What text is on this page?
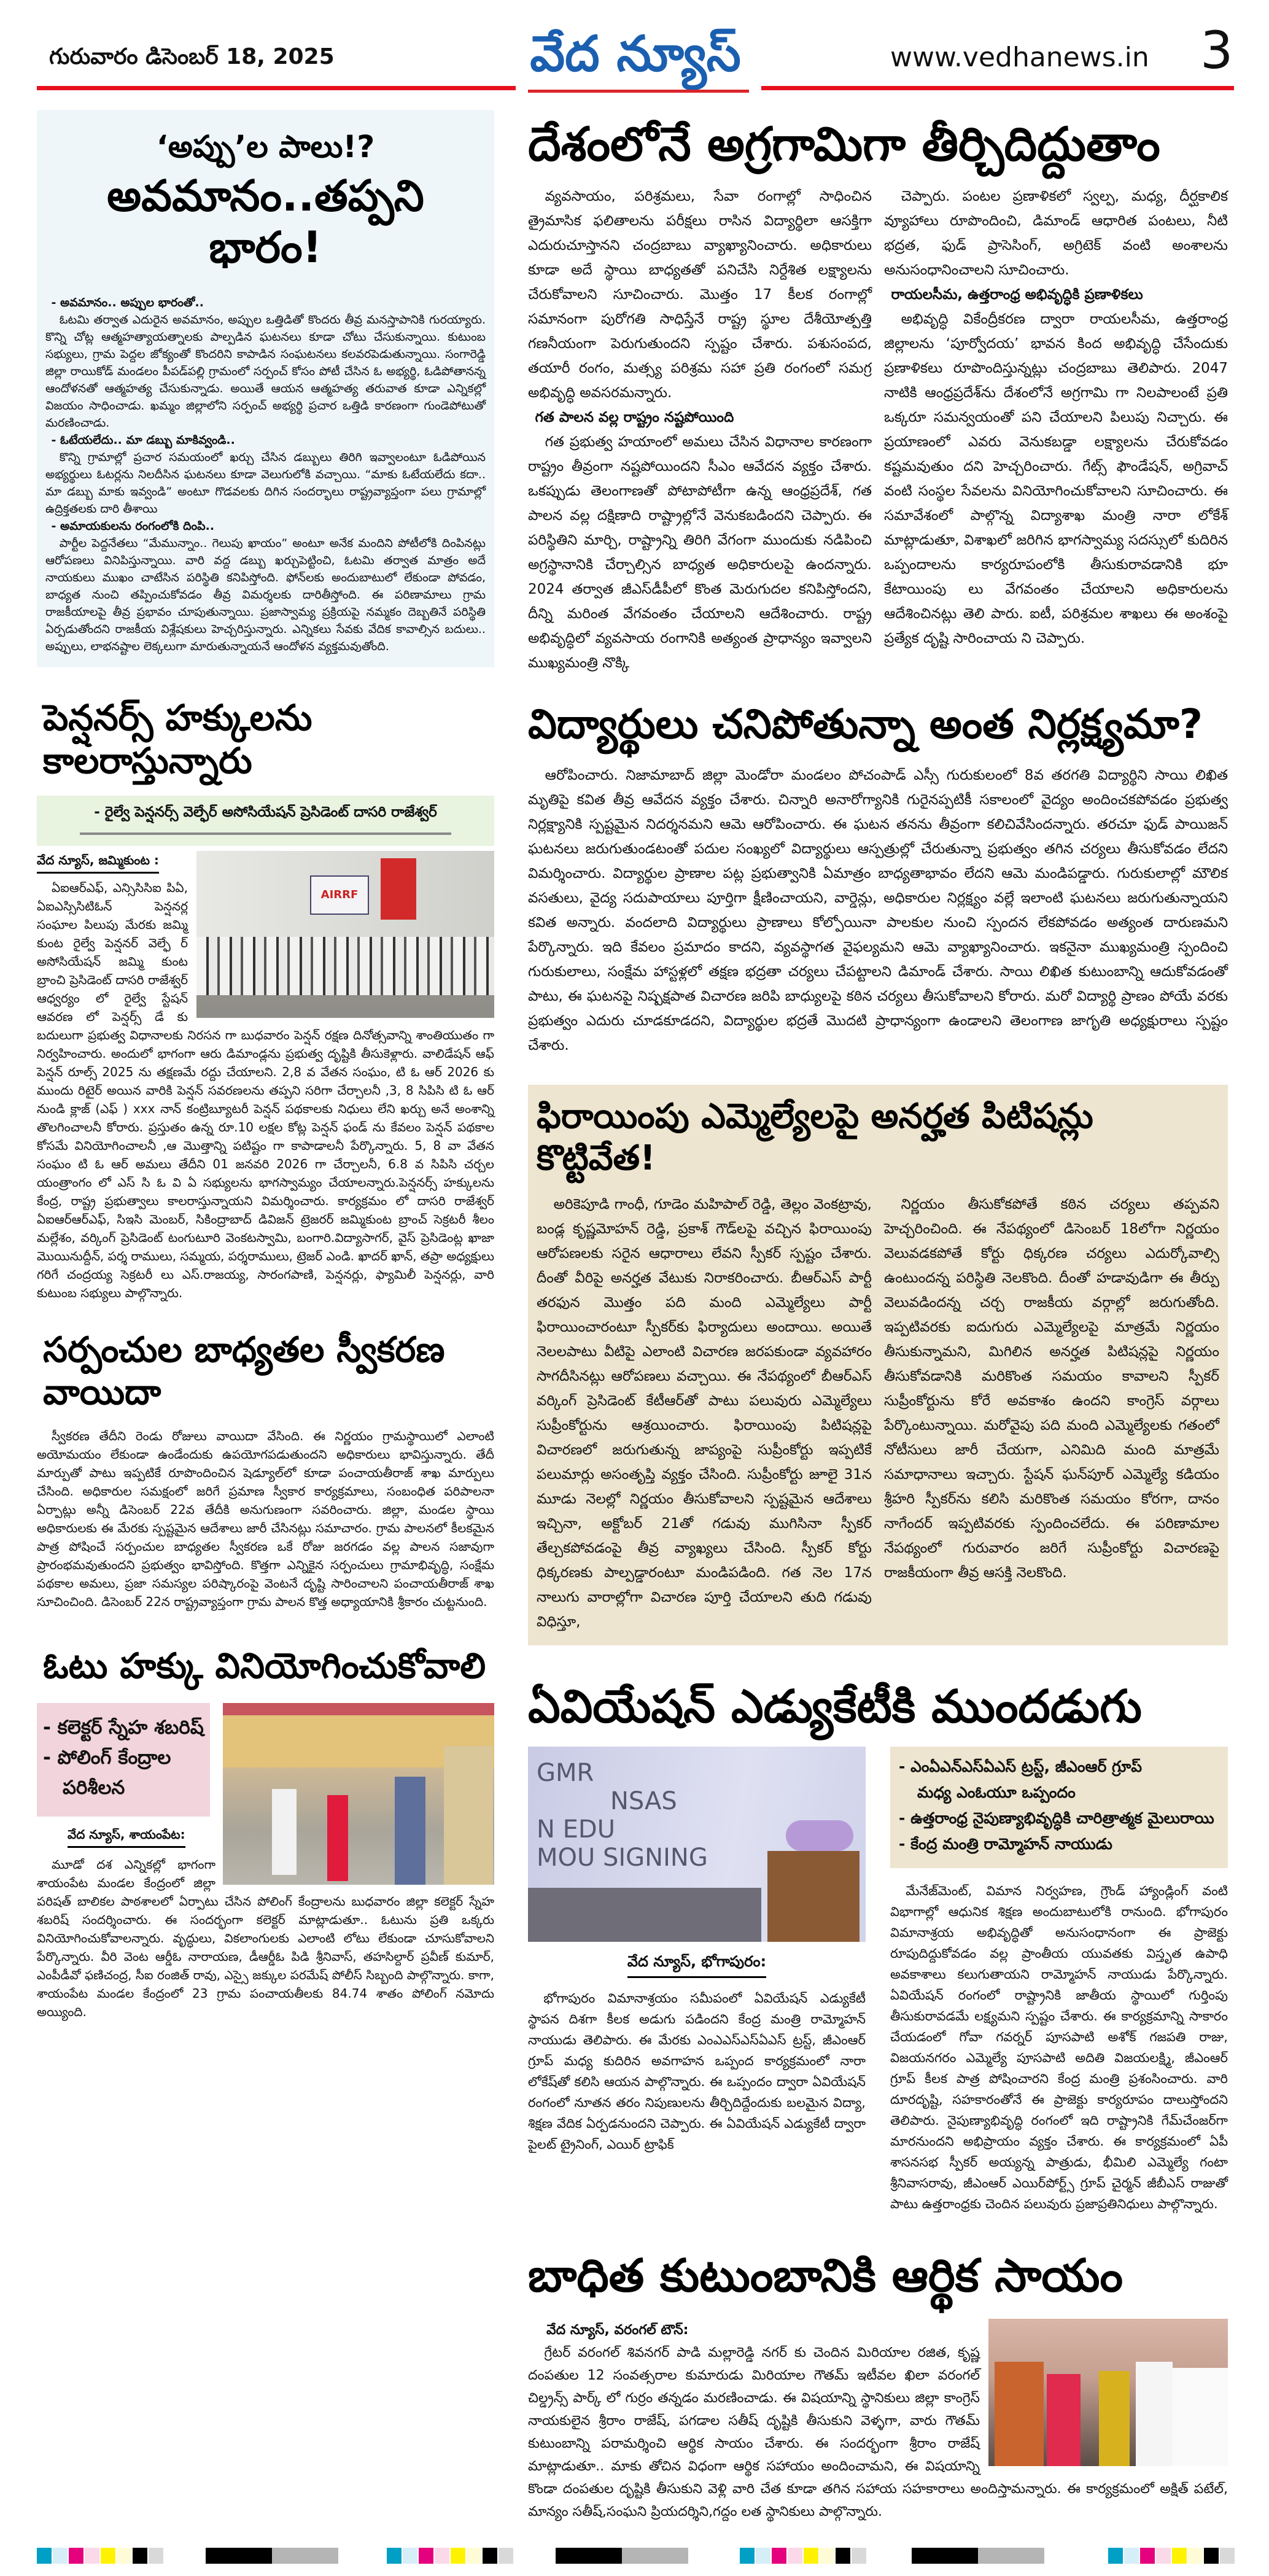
గురువారం డిసెంబర్ 18, 2025	వేద న్యూస్	www.vedhanews.in 3
‘అప్పు’ల పాలు!?
అవమానం..తప్పని భారం!
- అవమానం.. అప్పుల భారంతో..

ఓటమి తర్వాత ఎదురైన అవమానం, అప్పుల ఒత్తిడితో కొందరు తీవ్ర మనస్తాపానికి గురయ్యారు. కొన్ని చోట్ల ఆత్మహత్యాయత్నాలకు పాల్పడిన ఘటనలు కూడా చోటు చేసుకున్నాయి. కుటుంబ సభ్యులు, గ్రామ పెద్దల జోక్యంతో కొందరిని కాపాడిన సంఘటనలు కలవరపెడుతున్నాయి. సంగారెడ్డి జిల్లా రాయికోడ్ మండలం పీపడ్‌పల్లి గ్రామంలో సర్పంచ్ కోసం పోటీ చేసిన ఓ అభ్యర్థి, ఓడిపోతానన్న ఆందోళనతో ఆత్మహత్య చేసుకున్నాడు. అయితే ఆయన ఆత్మహత్య తరువాత కూడా ఎన్నికల్లో విజయం సాధించాడు. ఖమ్మం జిల్లాలోని సర్పంచ్ అభ్యర్థి ప్రచార ఒత్తిడి కారణంగా గుండెపోటుతో మరణించాడు.

- ఓటేయలేదు.. మా డబ్బు మాకివ్వండి..

కొన్ని గ్రామాల్లో ప్రచార సమయంలో ఖర్చు చేసిన డబ్బులు తిరిగి ఇవ్వాలంటూ ఓడిపోయిన అభ్యర్థులు ఓటర్లను నిలదీసిన ఘటనలు కూడా వెలుగులోకి వచ్చాయి. “మాకు ఓటేయలేదు కదా.. మా డబ్బు మాకు ఇవ్వండి” అంటూ గొడవలకు దిగిన సందర్భాలు రాష్ట్రవ్యాప్తంగా పలు గ్రామాల్లో ఉద్రిక్తతలకు దారి తీశాయి

- అమాయకులను రంగంలోకి దింపి..

పార్టీల పెద్దనేతలు “మేమున్నాం.. గెలుపు ఖాయం” అంటూ అనేక మందిని పోటీలోకి దింపినట్లు ఆరోపణలు వినిపిస్తున్నాయి. వారి వద్ద డబ్బు ఖర్చుపెట్టించి, ఓటమి తర్వాత మాత్రం అదే నాయకులు ముఖం చాటేసిన పరిస్థితి కనిపిస్తోంది. ఫోన్‌లకు అందుబాటులో లేకుండా పోవడం, బాధ్యత నుంచి తప్పించుకోవడం తీవ్ర విమర్శలకు దారితీస్తోంది. ఈ పరిణామాలు గ్రామ రాజకీయాలపై తీవ్ర ప్రభావం చూపుతున్నాయి. ప్రజాస్వామ్య ప్రక్రియపై నమ్మకం దెబ్బతినే పరిస్థితి ఏర్పడుతోందని రాజకీయ విశ్లేషకులు హెచ్చరిస్తున్నారు. ఎన్నికలు సేవకు వేదిక కావాల్సిన బదులు.. అప్పులు, లాభనష్టాల లెక్కలుగా మారుతున్నాయనే ఆందోళన వ్యక్తమవుతోంది.

పెన్షనర్స్ హక్కులను కాలరాస్తున్నారు
- రైల్వే పెన్షనర్స్ వెల్ఫేర్ అసోసియేషన్ ప్రెసిడెంట్ దాసరి రాజేశ్వర్
AIRRF
వేద న్యూస్, జమ్మికుంట :

ఏఐఆర్ఎఫ్, ఎన్సిసిసిఐ పిఏ, ఏఐఎస్సిసిటిఓన్ పెన్షనర్ల సంఘాల పిలుపు మేరకు జమ్మి కుంట రైల్వే పెన్షనర్ వెల్ఫే ర్ అసోసియేషన్ జమ్మి కుంట బ్రాంచి ప్రెసిడెంట్ దాసరి రాజేశ్వర్ ఆధ్వర్యం లో రైల్వే స్టేషన్ ఆవరణ లో పెన్షర్స్ డే కు బదులుగా ప్రభుత్వ విధానాలకు నిరసన గా బుధవారం పెన్షన్ రక్షణ దినోత్సవాన్ని శాంతియుతం గా నిర్వహించారు. అందులో భాగంగా ఆరు డిమాండ్లను ప్రభుత్వ దృష్టికి తీసుకెళ్లారు. వాలిడేషన్ ఆఫ్ పెన్షన్ రూల్స్ 2025 ను తక్షణమే రద్దు చేయాలని. 2,8 వ వేతన సంఘం, టి ఓ ఆర్ 2026 కు ముందు రిటైర్ అయిన వారికి పెన్షన్ సవరణలను తప్పని సరిగా చేర్చాలనీ ,3, 8 సిపిసి టి ఓ ఆర్ నుండి క్లాజ్ (ఎఫ్ ) xxx నాన్ కంట్రిబ్యూటరీ పెన్షన్ పథకాలకు నిధులు లేని ఖర్చు అనే అంశాన్ని తొలగించాలనీ కోరారు. ప్రస్తుతం ఉన్న రూ.10 లక్షల కోట్ల పెన్షన్ ఫండ్ ను కేవలం పెన్షన్ పథకాల కోసమే వినియోగించాలనీ ,ఆ మొత్తాన్ని పటిష్టం గా కాపాడాలనీ పేర్కొన్నారు. 5, 8 వా వేతన సంఘం టి ఓ ఆర్ అమలు తేదీని 01 జనవరి 2026 గా చేర్చాలనీ, 6.8 వ సిపిసి చర్చల యంత్రాంగం లో ఎస్ సి ఓ వి ఏ సభ్యులను భాగస్వామ్యం చేయాలన్నారు.పెన్షనర్స్ హక్కులను కేంద్ర, రాష్ట్ర ప్రభుత్వాలు కాలరాస్తున్నాయని విమర్శించారు. కార్యక్రమం లో దాసరి రాజేశ్వర్ ఏఐఆర్ఆర్ఎఫ్, సిఇసి మెంబర్, సికింద్రాబాద్ డివిజన్ ట్రెజరర్ జమ్మికుంట బ్రాంచ్ సెక్రటరీ శీలం మల్లేశం, వర్కింగ్ ప్రెసిడెంట్ టంగుటూరి వెంకటస్వామి, బంగారి.విద్యాసాగర్, వైస్ ప్రెసిడెంట్ల ఖాజా మొయినుద్దీన్, పర్శ రాములు, సమ్మయ, పర్శరాములు, ట్రెజర్ ఎండి. ఖాదర్ ఖాన్, తప్రా అధ్యక్షులు గరిగే చంద్రయ్య సెక్రటరీ లు ఎస్.రాజయ్య, సారంగపాణి, పెన్షనర్లు, ఫ్యామిలీ పెన్షనర్లు, వారి కుటుంబ సభ్యులు పాల్గొన్నారు.

సర్పంచుల బాధ్యతల స్వీకరణ వాయిదా

స్వీకరణ తేదీని రెండు రోజులు వాయిదా వేసింది. ఈ నిర్ణయం గ్రామస్థాయిలో ఎలాంటి అయోమయం లేకుండా ఉండేందుకు ఉపయోగపడుతుందని అధికారులు భావిస్తున్నారు. తేదీ మార్పుతో పాటు ఇప్పటికే రూపొందించిన షెడ్యూల్‌లో కూడా పంచాయతీరాజ్ శాఖ మార్పులు చేసింది. అధికారుల సమక్షంలో జరిగే ప్రమాణ స్వీకార కార్యక్రమాలు, సంబంధిత పరిపాలనా ఏర్పాట్లు అన్నీ డిసెంబర్ 22వ తేదీకి అనుగుణంగా సవరించారు. జిల్లా, మండల స్థాయి అధికారులకు ఈ మేరకు స్పష్టమైన ఆదేశాలు జారీ చేసినట్లు సమాచారం. గ్రామ పాలనలో కీలకమైన పాత్ర పోషించే సర్పంచుల బాధ్యతల స్వీకరణ ఒకే రోజు జరగడం వల్ల పాలన సజావుగా ప్రారంభమవుతుందని ప్రభుత్వం భావిస్తోంది. కొత్తగా ఎన్నికైన సర్పంచులు గ్రామాభివృద్ధి, సంక్షేమ పథకాల అమలు, ప్రజా సమస్యల పరిష్కారంపై వెంటనే దృష్టి సారించాలని పంచాయతీరాజ్ శాఖ సూచించింది. డిసెంబర్ 22న రాష్ట్రవ్యాప్తంగా గ్రామ పాలన కొత్త అధ్యాయానికి శ్రీకారం చుట్టనుంది.

ఓటు హక్కు వినియోగించుకోవాలి
- కలెక్టర్ స్నేహ శబరిష్
- పోలింగ్ కేంద్రాల
పరిశీలన
వేద న్యూస్, శాయంపేట:

మూడో దశ ఎన్నికల్లో భాగంగా శాయంపేట మండల కేంద్రంలో జిల్లా పరిషత్ బాలికల పాఠశాలలో ఏర్పాటు చేసిన పోలింగ్ కేంద్రాలను బుధవారం జిల్లా కలెక్టర్ స్నేహ శబరిష్ సందర్శించారు. ఈ సందర్భంగా కలెక్టర్ మాట్లాడుతూ.. ఓటును ప్రతి ఒక్కరు వినియోగించుకోవాలన్నారు. వృద్ధులు, వికలాంగులకు ఎలాంటి లోటు లేకుండా చూసుకోవాలని పేర్కొన్నారు. వీరి వెంట ఆర్డీఓ నారాయణ, డీఆర్డీఓ పిడి శ్రీనివాస్, తహసిల్దార్ ప్రవీణ్ కుమార్, ఎంపీడీవో ఫణిచంద్ర, సీఐ రంజిత్ రావు, ఎస్సై జక్కుల పరమేష్ పోలీస్ సిబ్బంది పాల్గొన్నారు. కాగా, శాయంపేట మండల కేంద్రంలో 23 గ్రామ పంచాయతీలకు 84.74 శాతం పోలింగ్ నమోదు అయ్యింది.

దేశంలోనే అగ్రగామిగా తీర్చిదిద్దుతాం

వ్యవసాయం, పరిశ్రమలు, సేవా రంగాల్లో సాధించిన త్రైమాసిక ఫలితాలను పరీక్షలు రాసిన విద్యార్థిలా ఆసక్తిగా ఎదురుచూస్తానని చంద్రబాబు వ్యాఖ్యానించారు. అధికారులు కూడా అదే స్థాయి బాధ్యతతో పనిచేసి నిర్దేశిత లక్ష్యాలను చేరుకోవాలని సూచించారు. మొత్తం 17 కీలక రంగాల్లో సమానంగా పురోగతి సాధిస్తేనే రాష్ట్ర స్థూల దేశీయోత్పత్తి గణనీయంగా పెరుగుతుందని స్పష్టం చేశారు. పశుసంపద, తయారీ రంగం, మత్స్య పరిశ్రమ సహా ప్రతి రంగంలో సమగ్ర అభివృద్ధి అవసరమన్నారు.

గత పాలన వల్ల రాష్ట్రం నష్టపోయింది

గత ప్రభుత్వ హయాంలో అమలు చేసిన విధానాల కారణంగా రాష్ట్రం తీవ్రంగా నష్టపోయిందని సీఎం ఆవేదన వ్యక్తం చేశారు. ఒకప్పుడు తెలంగాణతో పోటాపోటీగా ఉన్న ఆంధ్రప్రదేశ్, గత పాలన వల్ల దక్షిణాది రాష్ట్రాల్లోనే వెనుకబడిందని చెప్పారు. ఈ పరిస్థితిని మార్చి, రాష్ట్రాన్ని తిరిగి వేగంగా ముందుకు నడిపించి అగ్రస్థానానికి చేర్చాల్సిన బాధ్యత అధికారులపై ఉందన్నారు. 2024 తర్వాత జీఎస్‌డీపీలో కొంత మెరుగుదల కనిపిస్తోందని, దీన్ని మరింత వేగవంతం చేయాలని ఆదేశించారు. రాష్ట్ర అభివృద్ధిలో వ్యవసాయ రంగానికి అత్యంత ప్రాధాన్యం ఇవ్వాలని ముఖ్యమంత్రి నొక్కి

చెప్పారు. పంటల ప్రణాళికలో స్వల్ప, మధ్య, దీర్ఘకాలిక వ్యూహాలు రూపొందించి, డిమాండ్ ఆధారిత పంటలు, నీటి భద్రత, ఫుడ్ ప్రాసెసింగ్, అగ్రిటెక్ వంటి అంశాలను అనుసంధానించాలని సూచించారు.

రాయలసీమ, ఉత్తరాంధ్ర అభివృద్ధికి ప్రణాళికలు

అభివృద్ధి వికేంద్రీకరణ ద్వారా రాయలసీమ, ఉత్తరాంధ్ర జిల్లాలను ‘పూర్వోదయ’ భావన కింద అభివృద్ధి చేసేందుకు ప్రణాళికలు రూపొందిస్తున్నట్లు చంద్రబాబు తెలిపారు. 2047 నాటికి ఆంధ్రప్రదేశ్‌ను దేశంలోనే అగ్రగామి గా నిలపాలంటే ప్రతి ఒక్కరూ సమన్వయంతో పని చేయాలని పిలుపు నిచ్చారు. ఈ ప్రయాణంలో ఎవరు వెనుకబడ్డా లక్ష్యాలను చేరుకోవడం కష్టమవుతుం దని హెచ్చరించారు. గేట్స్ ఫౌండేషన్, అగ్రివాచ్ వంటి సంస్థల సేవలను వినియోగించుకోవాలని సూచించారు. ఈ సమావేశంలో పాల్గొన్న విద్యాశాఖ మంత్రి నారా లోకేశ్ మాట్లాడుతూ, విశాఖలో జరిగిన భాగస్వామ్య సదస్సులో కుదిరిన ఒప్పందాలను కార్యరూపంలోకి తీసుకురావడానికి భూ కేటాయింపు లు వేగవంతం చేయాలని అధికారులను ఆదేశించినట్లు తెలి పారు. ఐటీ, పరిశ్రమల శాఖలు ఈ అంశంపై ప్రత్యేక దృష్టి సారించాయ ని చెప్పారు.

విద్యార్థులు చనిపోతున్నా అంత నిర్లక్ష్యమా?

ఆరోపించారు. నిజామాబాద్ జిల్లా మెండోరా మండలం పోచంపాడ్ ఎస్సీ గురుకులంలో 8వ తరగతి విద్యార్థిని సాయి లిఖిత మృతిపై కవిత తీవ్ర ఆవేదన వ్యక్తం చేశారు. చిన్నారి అనారోగ్యానికి గురైనప్పటికీ సకాలంలో వైద్యం అందించకపోవడం ప్రభుత్వ నిర్లక్ష్యానికి స్పష్టమైన నిదర్శనమని ఆమె ఆరోపించారు. ఈ ఘటన తనను తీవ్రంగా కలిచివేసిందన్నారు. తరచూ ఫుడ్ పాయిజన్ ఘటనలు జరుగుతుండటంతో పదుల సంఖ్యలో విద్యార్థులు ఆస్పత్రుల్లో చేరుతున్నా ప్రభుత్వం తగిన చర్యలు తీసుకోవడం లేదని విమర్శించారు. విద్యార్థుల ప్రాణాల పట్ల ప్రభుత్వానికి ఏమాత్రం బాధ్యతాభావం లేదని ఆమె మండిపడ్డారు. గురుకులాల్లో మౌలిక వసతులు, వైద్య సదుపాయాలు పూర్తిగా క్షీణించాయని, వార్డెన్లు, అధికారుల నిర్లక్ష్యం వల్లే ఇలాంటి ఘటనలు జరుగుతున్నాయని కవిత అన్నారు. వందలాది విద్యార్థులు ప్రాణాలు కోల్పోయినా పాలకుల నుంచి స్పందన లేకపోవడం అత్యంత దారుణమని పేర్కొన్నారు. ఇది కేవలం ప్రమాదం కాదని, వ్యవస్థాగత వైఫల్యమని ఆమె వ్యాఖ్యానించారు. ఇకనైనా ముఖ్యమంత్రి స్పందించి గురుకులాలు, సంక్షేమ హాస్టళ్లలో తక్షణ భద్రతా చర్యలు చేపట్టాలని డిమాండ్ చేశారు. సాయి లిఖిత కుటుంబాన్ని ఆదుకోవడంతో పాటు, ఈ ఘటనపై నిష్పక్షపాత విచారణ జరిపి బాధ్యులపై కఠిన చర్యలు తీసుకోవాలని కోరారు. మరో విద్యార్థి ప్రాణం పోయే వరకు ప్రభుత్వం ఎదురు చూడకూడదని, విద్యార్థుల భద్రతే మొదటి ప్రాధాన్యంగా ఉండాలని తెలంగాణ జాగృతి అధ్యక్షురాలు స్పష్టం చేశారు.

ఫిరాయింపు ఎమ్మెల్యేలపై అనర్హత పిటిషన్లు కొట్టివేత!

అరికెపూడి గాంధీ, గూడెం మహిపాల్ రెడ్డి, తెల్లం వెంకట్రావు, బండ్ల కృష్ణమోహన్ రెడ్డి, ప్రకాశ్ గౌడ్‌లపై వచ్చిన ఫిరాయింపు ఆరోపణలకు సరైన ఆధారాలు లేవని స్పీకర్ స్పష్టం చేశారు. దీంతో వీరిపై అనర్హత వేటుకు నిరాకరించారు. బీఆర్ఎస్ పార్టీ తరఫున మొత్తం పది మంది ఎమ్మెల్యేలు పార్టీ ఫిరాయించారంటూ స్పీకర్‌కు ఫిర్యాదులు అందాయి. అయితే నెలలపాటు వీటిపై ఎలాంటి విచారణ జరపకుండా వ్యవహారం సాగదీసినట్లు ఆరోపణలు వచ్చాయి. ఈ నేపథ్యంలో బీఆర్ఎస్ వర్కింగ్ ప్రెసిడెంట్ కేటీఆర్‌తో పాటు పలువురు ఎమ్మెల్యేలు సుప్రీంకోర్టును ఆశ్రయించారు. ఫిరాయింపు పిటిషన్లపై విచారణలో జరుగుతున్న జాప్యంపై సుప్రీంకోర్టు ఇప్పటికే పలుమార్లు అసంతృప్తి వ్యక్తం చేసింది. సుప్రీంకోర్టు జూలై 31న మూడు నెలల్లో నిర్ణయం తీసుకోవాలని స్పష్టమైన ఆదేశాలు ఇచ్చినా, అక్టోబర్ 21తో గడువు ముగిసినా స్పీకర్ తేల్చకపోవడంపై తీవ్ర వ్యాఖ్యలు చేసింది. స్పీకర్ కోర్టు ధిక్కరణకు పాల్పడ్డారంటూ మండిపడింది. గత నెల 17న నాలుగు వారాల్లోగా విచారణ పూర్తి చేయాలని తుది గడువు విధిస్తూ,

నిర్ణయం తీసుకోకపోతే కఠిన చర్యలు తప్పవని హెచ్చరించింది. ఈ నేపథ్యంలో డిసెంబర్ 18లోగా నిర్ణయం వెలువడకపోతే కోర్టు ధిక్కరణ చర్యలు ఎదుర్కోవాల్సి ఉంటుందన్న పరిస్థితి నెలకొంది. దీంతో హడావుడిగా ఈ తీర్పు వెలువడిందన్న చర్చ రాజకీయ వర్గాల్లో జరుగుతోంది. ఇప్పటివరకు ఐదుగురు ఎమ్మెల్యేలపై మాత్రమే నిర్ణయం తీసుకున్నామని, మిగిలిన అనర్హత పిటిషన్లపై నిర్ణయం తీసుకోవడానికి మరికొంత సమయం కావాలని స్పీకర్ సుప్రీంకోర్టును కోరే అవకాశం ఉందని కాంగ్రెస్ వర్గాలు పేర్కొంటున్నాయి. మరోవైపు పది మంది ఎమ్మెల్యేలకు గతంలో నోటీసులు జారీ చేయగా, ఎనిమిది మంది మాత్రమే సమాధానాలు ఇచ్చారు. స్టేషన్ ఘన్‌పూర్ ఎమ్మెల్యే కడియం శ్రీహరి స్పీకర్‌ను కలిసి మరికొంత సమయం కోరగా, దానం నాగేందర్ ఇప్పటివరకు స్పందించలేదు. ఈ పరిణామాల నేపథ్యంలో గురువారం జరిగే సుప్రీంకోర్టు విచారణపై రాజకీయంగా తీవ్ర ఆసక్తి నెలకొంది.

ఏవియేషన్ ఎడ్యుకేటీకి ముందడుగు
GMR
NSAS
N EDU
MOU SIGNING
వేద న్యూస్, భోగాపురం:

భోగాపురం విమానాశ్రయం సమీపంలో ఏవియేషన్ ఎడ్యుకేటీ స్థాపన దిశగా కీలక అడుగు పడిందని కేంద్ర మంత్రి రామ్మోహన్ నాయుడు తెలిపారు. ఈ మేరకు ఎంఎఎస్ఎస్ఏఎస్ ట్రస్ట్, జీఎంఆర్ గ్రూప్ మధ్య కుదిరిన అవగాహన ఒప్పంద కార్యక్రమంలో నారా లోకేష్‌తో కలిసి ఆయన పాల్గొన్నారు. ఈ ఒప్పందం ద్వారా ఏవియేషన్ రంగంలో నూతన తరం నిపుణులను తీర్చిదిద్దేందుకు బలమైన విద్యా, శిక్షణ వేదిక ఏర్పడనుందని చెప్పారు. ఈ ఏవియేషన్ ఎడ్యుకేటీ ద్వారా పైలట్ ట్రైనింగ్, ఎయిర్ ట్రాఫిక్

- ఎంఏఎన్ఎస్ఏఎస్ ట్రస్ట్, జీఎంఆర్ గ్రూప్
మధ్య ఎంఓయూ ఒప్పందం
- ఉత్తరాంధ్ర నైపుణ్యాభివృద్ధికి చారిత్రాత్మక మైలురాయి
- కేంద్ర మంత్రి రామ్మోహన్ నాయుడు

మేనేజ్‌మెంట్, విమాన నిర్వహణ, గ్రౌండ్ హ్యాండ్లింగ్ వంటి విభాగాల్లో ఆధునిక శిక్షణ అందుబాటులోకి రానుంది. భోగాపురం విమానాశ్రయ అభివృద్ధితో అనుసంధానంగా ఈ ప్రాజెక్టు రూపుదిద్దుకోవడం వల్ల ప్రాంతీయ యువతకు విస్తృత ఉపాధి అవకాశాలు కలుగుతాయని రామ్మోహన్ నాయుడు పేర్కొన్నారు. ఏవియేషన్ రంగంలో రాష్ట్రానికి జాతీయ స్థాయిలో గుర్తింపు తీసుకురావడమే లక్ష్యమని స్పష్టం చేశారు. ఈ కార్యక్రమాన్ని సాకారం చేయడంలో గోవా గవర్నర్ పూసపాటి అశోక్ గజపతి రాజు, విజయనగరం ఎమ్మెల్యే పూసపాటి అదితి విజయలక్ష్మి, జీఎంఆర్ గ్రూప్ కీలక పాత్ర పోషించారని కేంద్ర మంత్రి ప్రశంసించారు. వారి దూరదృష్టి, సహకారంతోనే ఈ ప్రాజెక్టు కార్యరూపం దాలుస్తోందని తెలిపారు. నైపుణ్యాభివృద్ధి రంగంలో ఇది రాష్ట్రానికి గేమ్‌చేంజర్‌గా మారనుందని అభిప్రాయం వ్యక్తం చేశారు. ఈ కార్యక్రమంలో ఏపీ శాసనసభ స్పీకర్ అయ్యన్న పాత్రుడు, భీమిలి ఎమ్మెల్యే గంటా శ్రీనివాసరావు, జీఎంఆర్ ఎయిర్‌పోర్ట్స్ గ్రూప్ చైర్మన్ జీబీఎస్ రాజుతో పాటు ఉత్తరాంధ్రకు చెందిన పలువురు ప్రజాప్రతినిధులు పాల్గొన్నారు.

బాధిత కుటుంబానికి ఆర్థిక సాయం
వేద న్యూస్, వరంగల్ టౌన్:

గ్రేటర్ వరంగల్ శివనగర్ పాడి మల్లారెడ్డి నగర్ కు చెందిన మిరియాల రజిత, కృష్ణ దంపతుల 12 సంవత్సరాల కుమారుడు మిరియాల గౌతమ్ ఇటీవల ఖిలా వరంగల్ చిల్డ్రన్స్ పార్క్ లో గుర్రం తన్నడం మరణించాడు. ఈ విషయాన్ని స్థానికులు జిల్లా కాంగ్రెస్ నాయకులైన శ్రీరాం రాజేష్, పగడాల సతీష్ దృష్టికి తీసుకుని వెళ్ళగా, వారు గౌతమ్ కుటుంబాన్ని పరామర్శించి ఆర్థిక సాయం చేశారు. ఈ సందర్భంగా శ్రీరాం రాజేష్ మాట్లాడుతూ.. మాకు తోచిన విధంగా ఆర్థిక సహాయం అందించామని, ఈ విషయాన్ని కొండా దంపతుల దృష్టికి తీసుకుని వెళ్లి వారి చేత కూడా తగిన సహాయ సహకారాలు అందిస్తామన్నారు. ఈ కార్యక్రమంలో అక్షిత్ పటేల్, మాన్యం సతీష్,సంఘని ప్రియదర్శిని,గద్దం లత స్థానికులు పాల్గొన్నారు.
